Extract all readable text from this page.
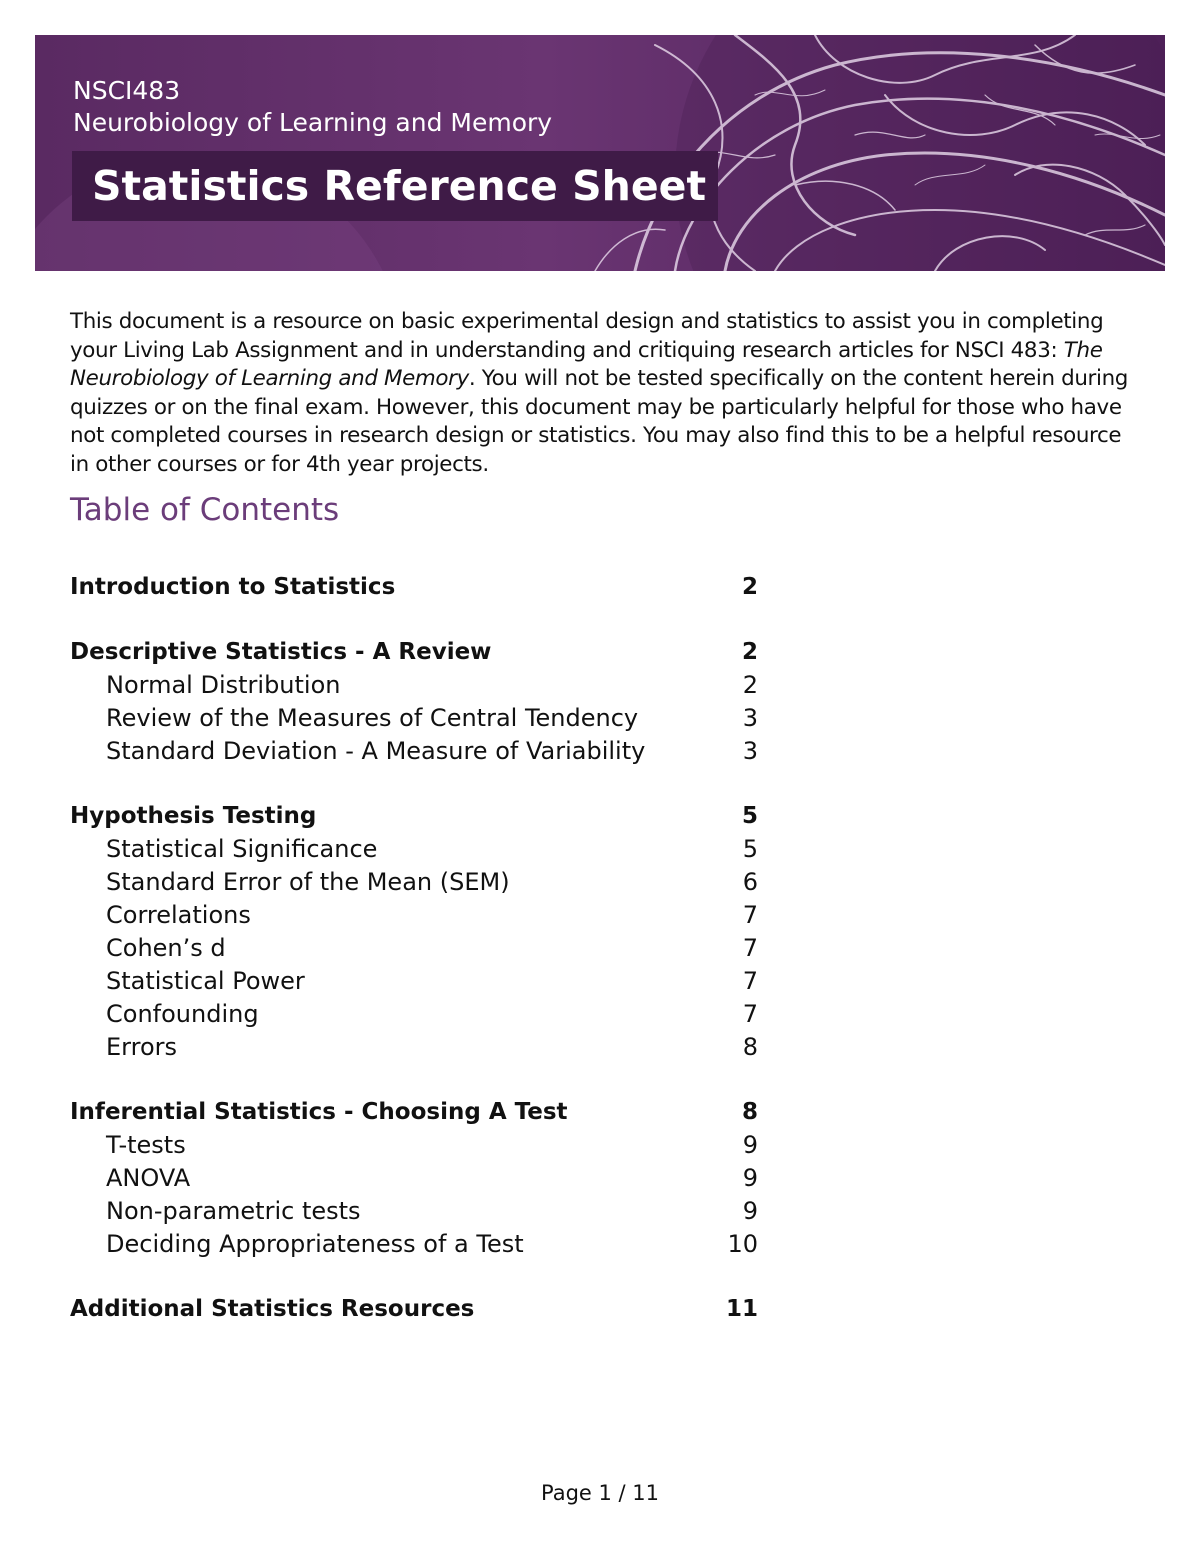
NSCI483
Neurobiology of Learning and Memory
Statistics Reference Sheet

This document is a resource on basic experimental design and statistics to assist you in completing your Living Lab Assignment and in understanding and critiquing research articles for NSCI 483: The Neurobiology of Learning and Memory. You will not be tested specifically on the content herein during quizzes or on the final exam. However, this document may be particularly helpful for those who have not completed courses in research design or statistics. You may also find this to be a helpful resource in other courses or for 4th year projects.

Table of Contents
Introduction to Statistics	2
Descriptive Statistics - A Review	2
Normal Distribution	2
Review of the Measures of Central Tendency	3
Standard Deviation - A Measure of Variability	3
Hypothesis Testing	5
Statistical Significance	5
Standard Error of the Mean (SEM)	6
Correlations	7
Cohen’s d	7
Statistical Power	7
Confounding	7
Errors	8
Inferential Statistics - Choosing A Test	8
T-tests	9
ANOVA	9
Non-parametric tests	9
Deciding Appropriateness of a Test	10
Additional Statistics Resources	11
Page 1 / 11
